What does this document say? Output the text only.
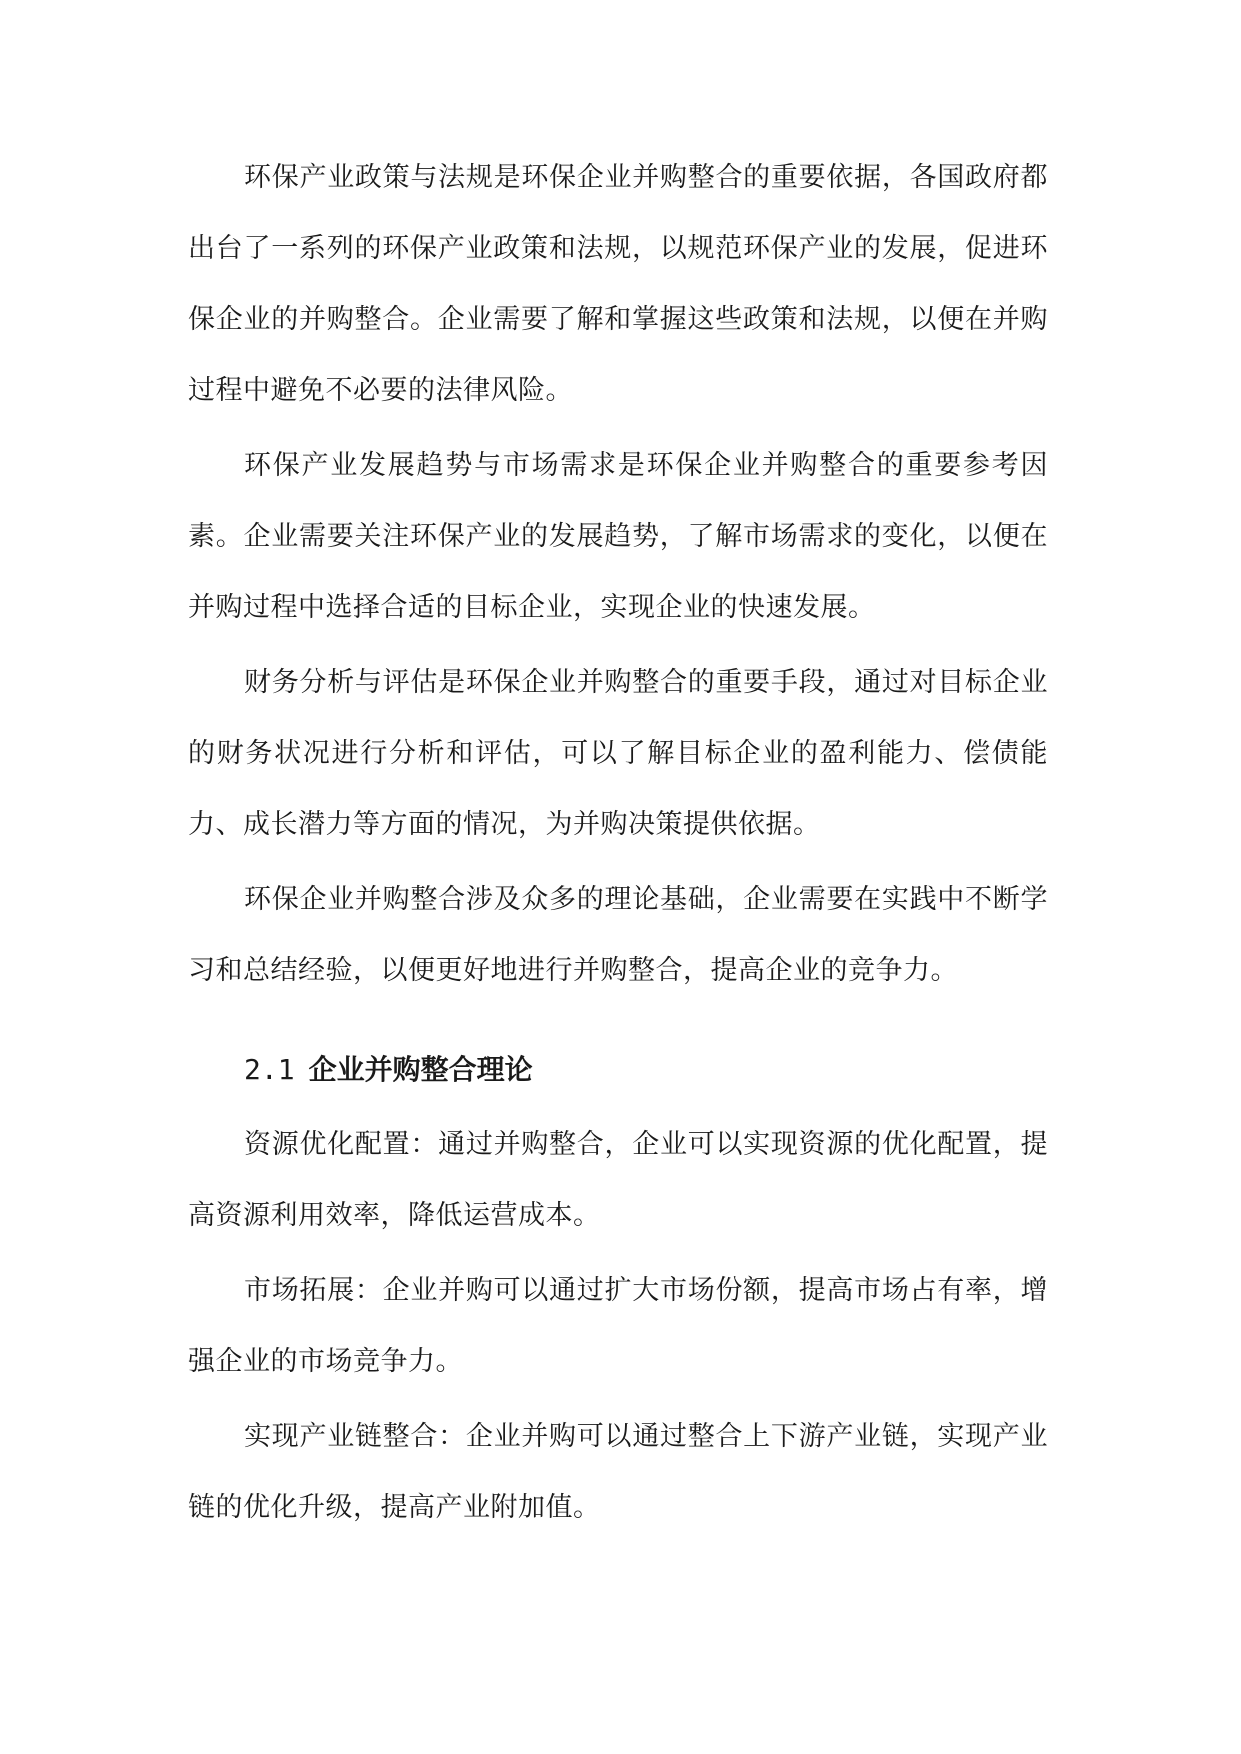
环保产业政策与法规是环保企业并购整合的重要依据，各国政府都出台了一系列的环保产业政策和法规，以规范环保产业的发展，促进环保企业的并购整合。企业需要了解和掌握这些政策和法规，以便在并购过程中避免不必要的法律风险。

环保产业发展趋势与市场需求是环保企业并购整合的重要参考因素。企业需要关注环保产业的发展趋势，了解市场需求的变化，以便在并购过程中选择合适的目标企业，实现企业的快速发展。

财务分析与评估是环保企业并购整合的重要手段，通过对目标企业的财务状况进行分析和评估，可以了解目标企业的盈利能力、偿债能力、成长潜力等方面的情况，为并购决策提供依据。

环保企业并购整合涉及众多的理论基础，企业需要在实践中不断学习和总结经验，以便更好地进行并购整合，提高企业的竞争力。

2.1 企业并购整合理论

资源优化配置：通过并购整合，企业可以实现资源的优化配置，提高资源利用效率，降低运营成本。

市场拓展：企业并购可以通过扩大市场份额，提高市场占有率，增强企业的市场竞争力。

实现产业链整合：企业并购可以通过整合上下游产业链，实现产业链的优化升级，提高产业附加值。
